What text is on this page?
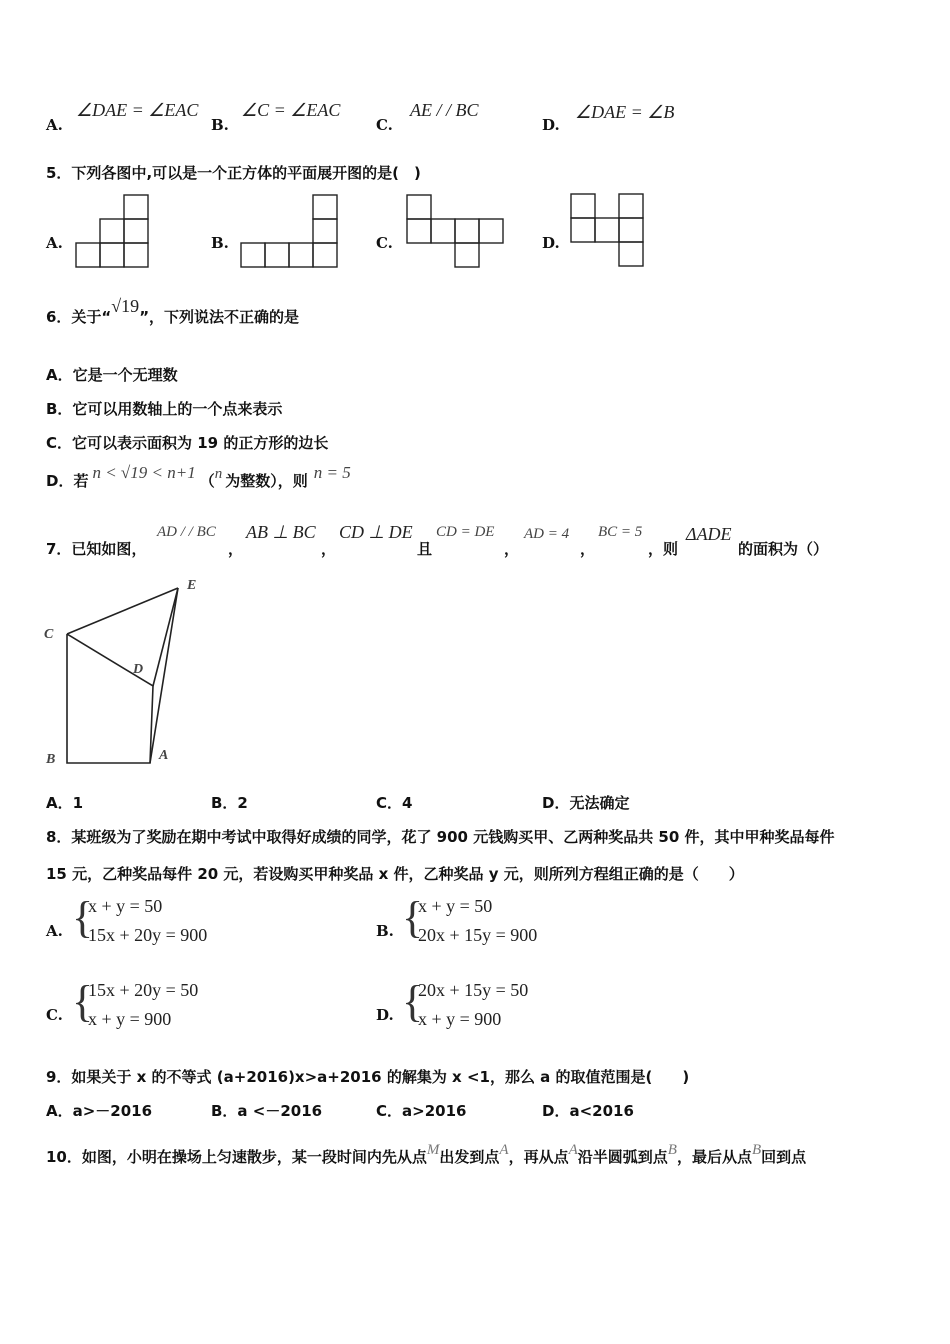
A.
∠DAE = ∠EAC
B.
∠C = ∠EAC
C.
AE / / BC
D.
∠DAE = ∠B
5．下列各图中,可以是一个正方体的平面展开图的是(　)
A.	B.	C.	D.
6．关于“√19”，下列说法不正确的是
A．它是一个无理数
B．它可以用数轴上的一个点来表示
C．它可以表示面积为 19 的正方形的边长
D．若 n < √19 < n+1 （n 为整数），则 n = 5
7．已知如图，
AD / / BC
，
AB ⊥ BC
，
CD ⊥ DE
且
CD = DE
，
AD = 4
，
BC = 5
，则
ΔADE
的面积为（）
E
C
D
B	A
A．1	B．2	C．4	D．无法确定
8．某班级为了奖励在期中考试中取得好成绩的同学，花了 900 元钱购买甲、乙两种奖品共 50 件，其中甲种奖品每件
15 元，乙种奖品每件 20 元，若设购买甲种奖品 x 件，乙种奖品 y 元，则所列方程组正确的是（　　）
A. {
x + y = 50
15x + 20y = 900	B. {
x + y = 50
20x + 15y = 900
C. {
15x + 20y = 50
x + y = 900	D. {
20x + 15y = 50
x + y = 900
9．如果关于 x 的不等式 (a+2016)x>a+2016 的解集为 x <1，那么 a 的取值范围是(　　)
A．a>－2016	B．a <－2016	C．a>2016	D．a<2016
10．如图，小明在操场上匀速散步，某一段时间内先从点M出发到点A，再从点A沿半圆弧到点B，最后从点B回到点
